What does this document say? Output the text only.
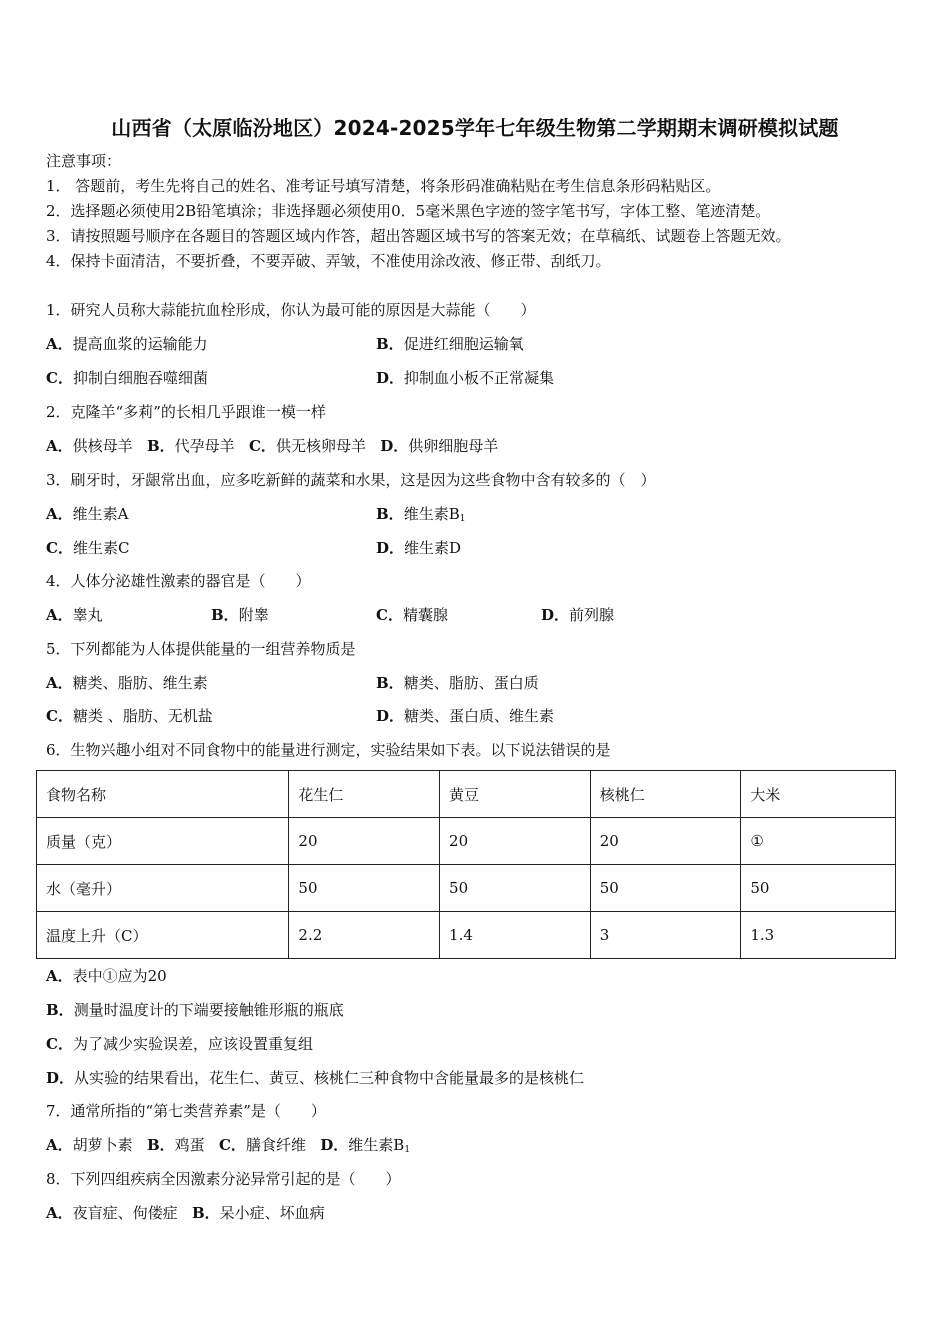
山西省（太原临汾地区）2024-2025学年七年级生物第二学期期末调研模拟试题
注意事项：
1． 答题前，考生先将自己的姓名、准考证号填写清楚，将条形码准确粘贴在考生信息条形码粘贴区。
2．选择题必须使用2B铅笔填涂；非选择题必须使用0．5毫米黑色字迹的签字笔书写，字体工整、笔迹清楚。
3．请按照题号顺序在各题目的答题区域内作答，超出答题区域书写的答案无效；在草稿纸、试题卷上答题无效。
4．保持卡面清洁，不要折叠，不要弄破、弄皱，不准使用涂改液、修正带、刮纸刀。
1．研究人员称大蒜能抗血栓形成，你认为最可能的原因是大蒜能（　　）
A．提高血浆的运输能力	B．促进红细胞运输氧
C．抑制白细胞吞噬细菌	D．抑制血小板不正常凝集
2．克隆羊“多莉”的长相几乎跟谁一模一样
A．供核母羊 B．代孕母羊 C．供无核卵母羊 D．供卵细胞母羊
3．刷牙时，牙龈常出血，应多吃新鲜的蔬菜和水果，这是因为这些食物中含有较多的（　）
A．维生素A	B．维生素$B_1$
C．维生素C	D．维生素D
4．人体分泌雄性激素的器官是（　　）
A．睾丸	B．附睾	C．精囊腺	D．前列腺
5．下列都能为人体提供能量的一组营养物质是
A．糖类、脂肪、维生素	B．糖类、脂肪、蛋白质
C．糖类 、脂肪、无机盐	D．糖类、蛋白质、维生素
6．生物兴趣小组对不同食物中的能量进行测定，实验结果如下表。以下说法错误的是
食物名称	花生仁	黄豆	核桃仁	大米
质量（克）	20	20	20	①
水（毫升）	50	50	50	50
温度上升（C）	2.2	1.4	3	1.3
A．表中①应为20
B．测量时温度计的下端要接触锥形瓶的瓶底
C．为了减少实验误差，应该设置重复组
D．从实验的结果看出，花生仁、黄豆、核桃仁三种食物中含能量最多的是核桃仁
7．通常所指的“第七类营养素”是（　　）
A．胡萝卜素 B．鸡蛋 C．膳食纤维 D．维生素$B_1$
8．下列四组疾病全因激素分泌异常引起的是（　　）
A．夜盲症、佝偻症 B．呆小症、坏血病
